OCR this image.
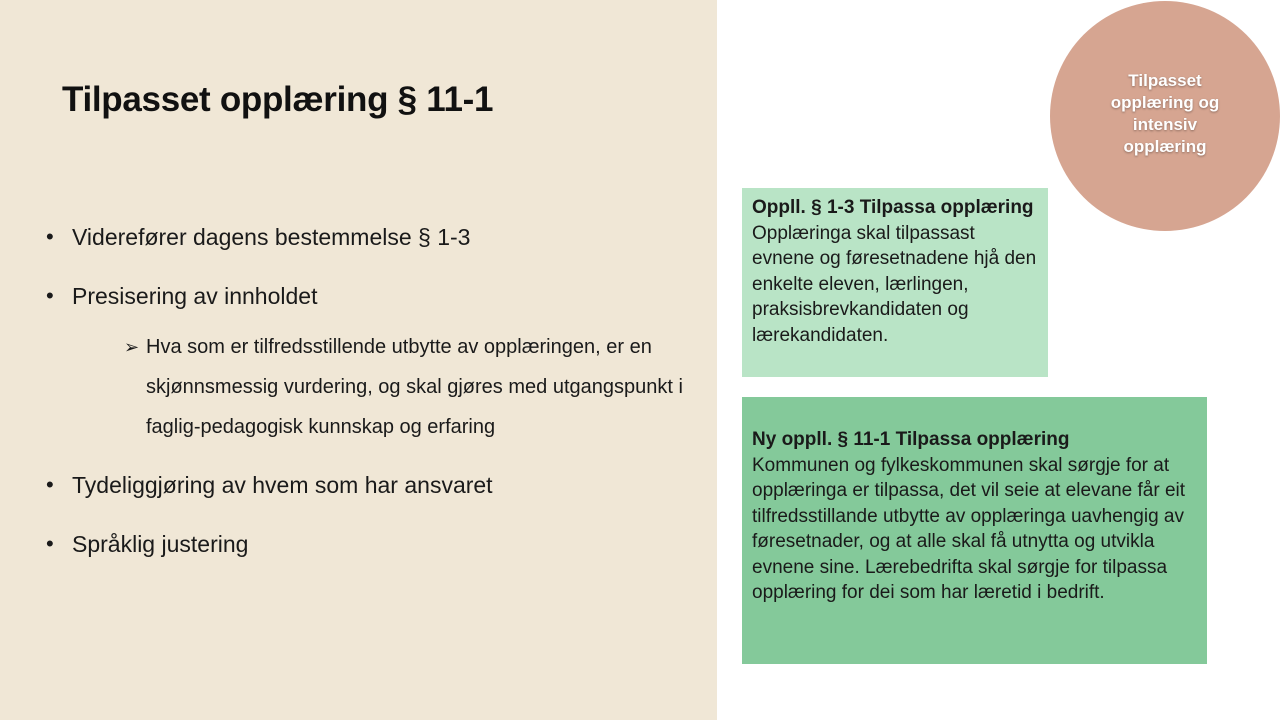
Tilpasset opplæring § 11-1
• Viderefører dagens bestemmelse § 1-3
• Presisering av innholdet
➢ Hva som er tilfredsstillende utbytte av opplæringen, er en skjønnsmessig vurdering, og skal gjøres med utgangspunkt i faglig-pedagogisk kunnskap og erfaring
• Tydeliggjøring av hvem som har ansvaret
• Språklig justering
Tilpasset opplæring og intensiv opplæring
Oppll. § 1-3 Tilpassa opplæring
Opplæringa skal tilpassast evnene og føresetnadene hjå den enkelte eleven, lærlingen, praksisbrevkandidaten og lærekandidaten.
Ny oppll. § 11-1 Tilpassa opplæring
Kommunen og fylkeskommunen skal sørgje for at opplæringa er tilpassa, det vil seie at elevane får eit tilfredsstillande utbytte av opplæringa uavhengig av føresetnader, og at alle skal få utnytta og utvikla evnene sine. Lærebedrifta skal sørgje for tilpassa opplæring for dei som har læretid i bedrift.
